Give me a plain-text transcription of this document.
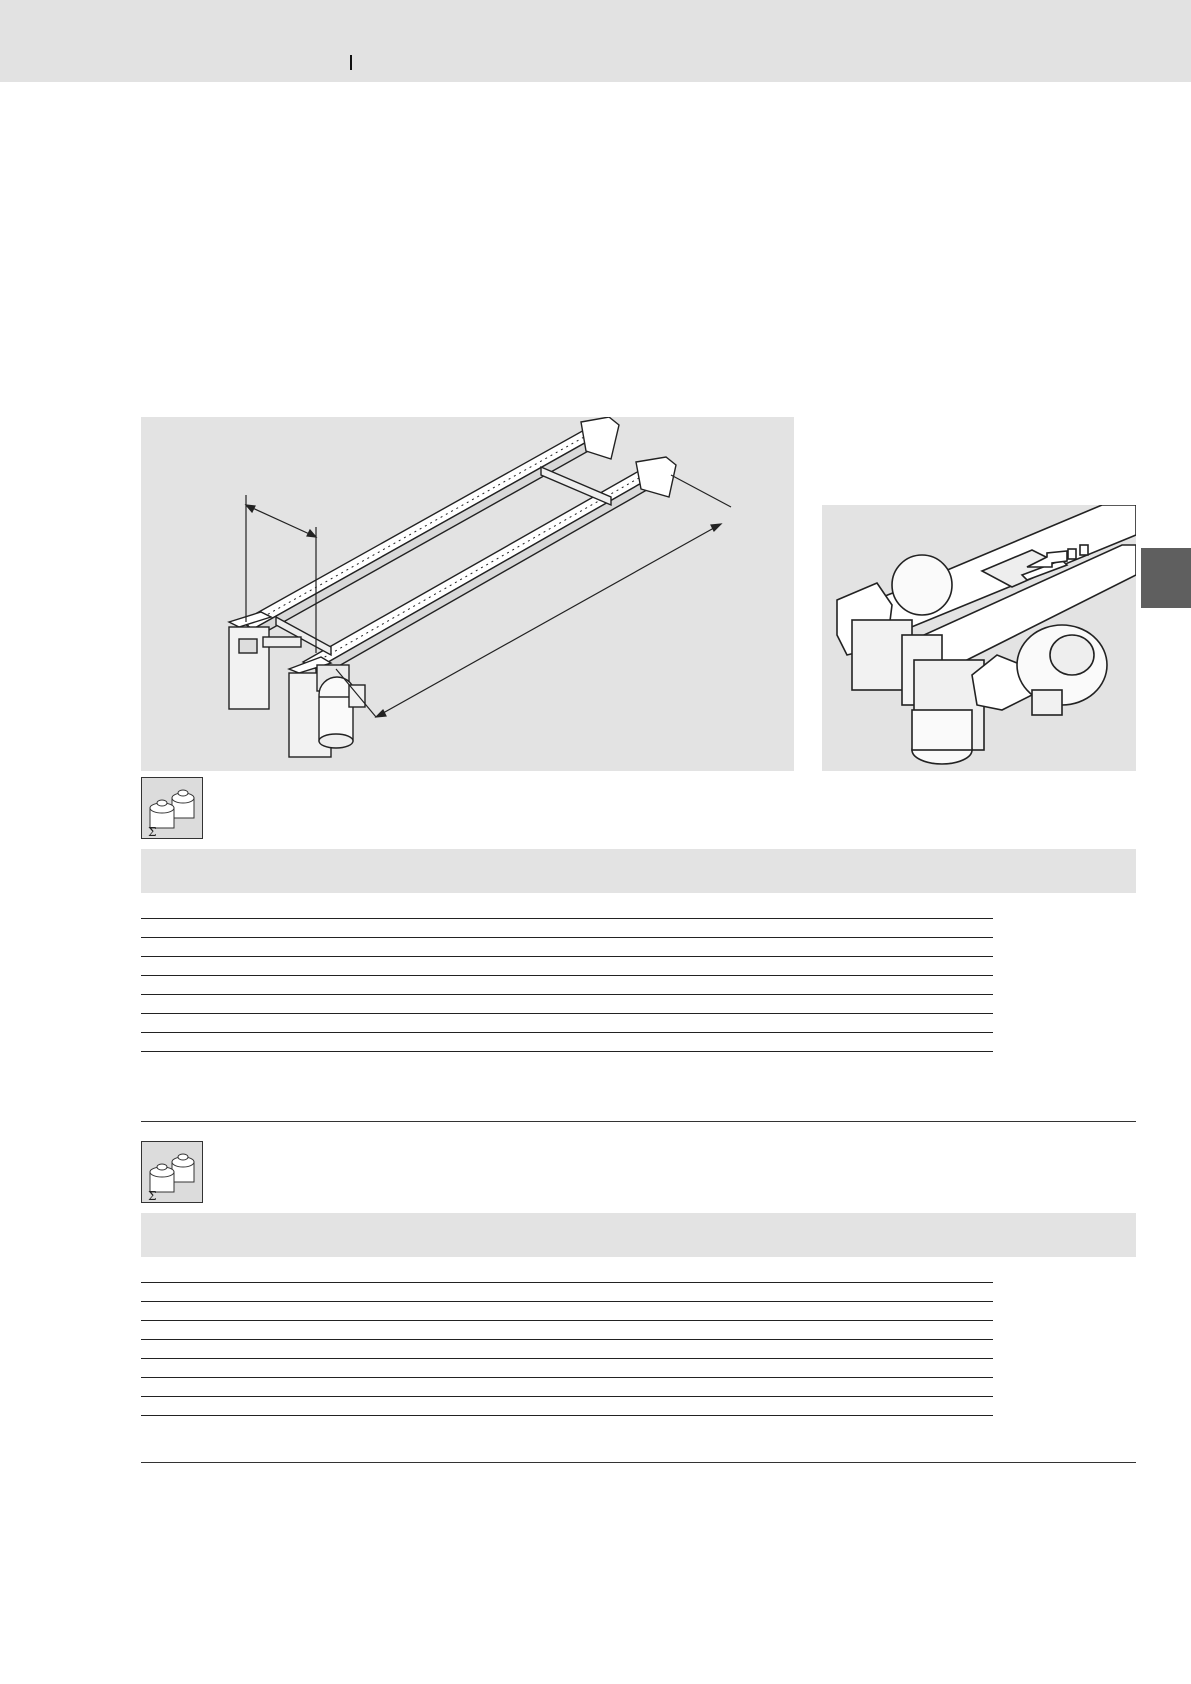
Σ
Σ
